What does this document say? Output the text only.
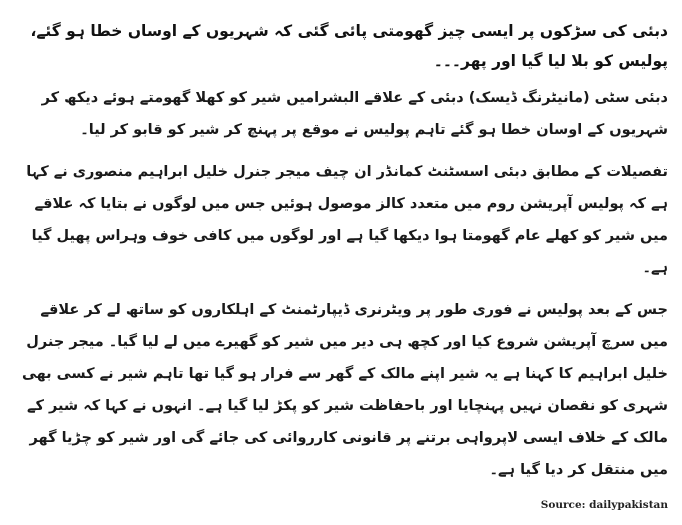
دبئی کی سڑکوں پر ایسی چیز گھومتی پائی گئی کہ شہریوں کے اوساں خطا ہو گئے، پولیس کو بلا لیا گیا اور پھر۔۔۔

دبئی سٹی (مانیٹرنگ ڈیسک) دبئی کے علاقے البشرامیں شیر کو کھلا گھومتے ہوئے دیکھ کر شہریوں کے اوسان خطا ہو گئے تاہم پولیس نے موقع پر پہنچ کر شیر کو قابو کر لیا۔

تفصیلات کے مطابق دبئی اسسٹنٹ کمانڈر ان چیف میجر جنرل خلیل ابراہیم منصوری نے کہا ہے کہ پولیس آپریشن روم میں متعدد کالز موصول ہوئیں جس میں لوگوں نے بتایا کہ علاقے میں شیر کو کھلے عام گھومتا ہوا دیکھا گیا ہے اور لوگوں میں کافی خوف وہراس پھیل گیا ہے۔

جس کے بعد پولیس نے فوری طور پر ویٹرنری ڈیپارٹمنٹ کے اہلکاروں کو ساتھ لے کر علاقے میں سرچ آپریشن شروع کیا اور کچھ ہی دیر میں شیر کو گھیرے میں لے لیا گیا۔ میجر جنرل خلیل ابراہیم کا کہنا ہے یہ شیر اپنے مالک کے گھر سے فرار ہو گیا تھا تاہم شیر نے کسی بھی شہری کو نقصان نہیں پہنچایا اور باحفاظت شیر کو پکڑ لیا گیا ہے۔ انہوں نے کہا کہ شیر کے مالک کے خلاف ایسی لاپرواہی برتنے پر قانونی کارروائی کی جائے گی اور شیر کو چڑیا گھر میں منتقل کر دیا گیا ہے۔

Source: dailypakistan
